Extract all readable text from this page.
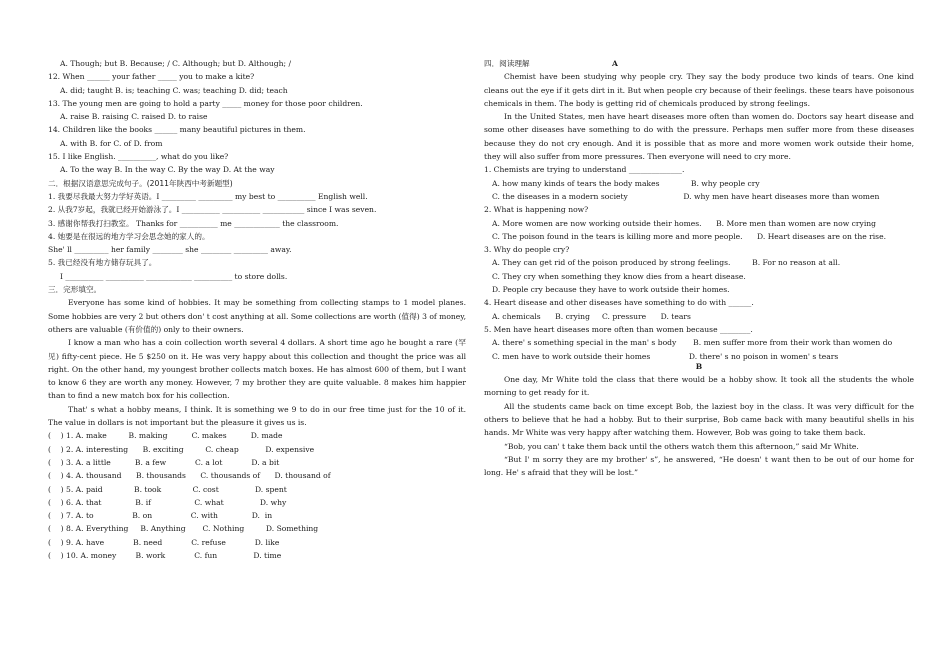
A. Though; but B. Because; / C. Although; but D. Although; /
12. When ______ your father _____ you to make a kite?
A. did; taught B. is; teaching C. was; teaching D. did; teach
13. The young men are going to hold a party _____ money for those poor children.
A. raise B. raising C. raised D. to raise
14. Children like the books ______ many beautiful pictures in them.
A. with B. for C. of D. from
15. I like English. __________, what do you like?
A. To the way B. In the way C. By the way D. At the way
二．根据汉语意思完成句子。(2011年陕西中考新题型)
1. 我要尽我最大努力学好英语。I _________ _________ my best to __________ English well.
2. 从我7岁起，我就已经开始游泳了。I __________ __________ ___________ since I was seven.
3. 感谢你帮我打扫教室。 Thanks for __________ me ____________ the classroom.
4. 她要是在很远的地方学习会思念她的家人的。
She' ll _________ her family ________ she ________ _________ away.
5. 我已经没有地方储存玩具了。
I __________ __________ ____________ __________ to store dolls.
三．完形填空。
Everyone has some kind of hobbies. It may be something from collecting stamps to 1 model planes. Some hobbies are very 2 but others don' t cost anything at all. Some collections are worth (值得) 3 of money, others are valuable (有价值的) only to their owners.
I know a man who has a coin collection worth several 4 dollars. A short time ago he bought a rare (罕见) fifty-cent piece. He 5 $250 on it. He was very happy about this collection and thought the price was all right. On the other hand, my youngest brother collects match boxes. He has almost 600 of them, but I want to know 6 they are worth any money. However, 7 my brother they are quite valuable. 8 makes him happier than to find a new match box for his collection.
That' s what a hobby means, I think. It is something we 9 to do in our free time just for the 10 of it. The value in dollars is not important but the pleasure it gives us is.
(    ) 1. A. make         B. making          C. makes          D. made
(    ) 2. A. interesting      B. exciting         C. cheap           D. expensive
(    ) 3. A. a little          B. a few            C. a lot            D. a bit
(    ) 4. A. thousand      B. thousands      C. thousands of      D. thousand of
(    ) 5. A. paid             B. took             C. cost               D. spent
(    ) 6. A. that              B. if                  C. what               D. why
(    ) 7. A. to                B. on                C. with              D.  in
(    ) 8. A. Everything     B. Anything       C. Nothing         D. Something
(    ) 9. A. have            B. need            C. refuse            D. like
(    ) 10. A. money        B. work            C. fun               D. time
四．阅读理解	A
Chemist have been studying why people cry. They say the body produce two kinds of tears. One kind cleans out the eye if it gets dirt in it. But when people cry because of their feelings. these tears have poisonous chemicals in them. The body is getting rid of chemicals produced by strong feelings.
In the United States, men have heart diseases more often than women do. Doctors say heart disease and some other diseases have something to do with the pressure. Perhaps men suffer more from these diseases because they do not cry enough. And it is possible that as more and more women work outside their home, they will also suffer from more pressures. Then everyone will need to cry more.
1. Chemists are trying to understand ______________.
A. how many kinds of tears the body makes             B. why people cry
C. the diseases in a modern society                       D. why men have heart diseases more than women
2. What is happening now?
A. More women are now working outside their homes.      B. More men than women are now crying
C. The poison found in the tears is killing more and more people.      D. Heart diseases are on the rise.
3. Why do people cry?
A. They can get rid of the poison produced by strong feelings.         B. For no reason at all.
C. They cry when something they know dies from a heart disease.
D. People cry because they have to work outside their homes.
4. Heart disease and other diseases have something to do with ______.
A. chemicals      B. crying     C. pressure      D. tears
5. Men have heart diseases more often than women because ________.
A. there' s something special in the man' s body       B. men suffer more from their work than women do
C. men have to work outside their homes                D. there' s no poison in women' s tears
B
One day, Mr White told the class that there would be a hobby show. It took all the students the whole morning to get ready for it.
All the students came back on time except Bob, the laziest boy in the class. It was very difficult for the others to believe that he had a hobby. But to their surprise, Bob came back with many beautiful shells in his hands. Mr White was very happy after watching them. However, Bob was going to take them back.
“Bob, you can' t take them back until the others watch them this afternoon,” said Mr White.
“But I' m sorry they are my brother' s”, he answered, “He doesn' t want then to be out of our home for long. He' s afraid that they will be lost.”
